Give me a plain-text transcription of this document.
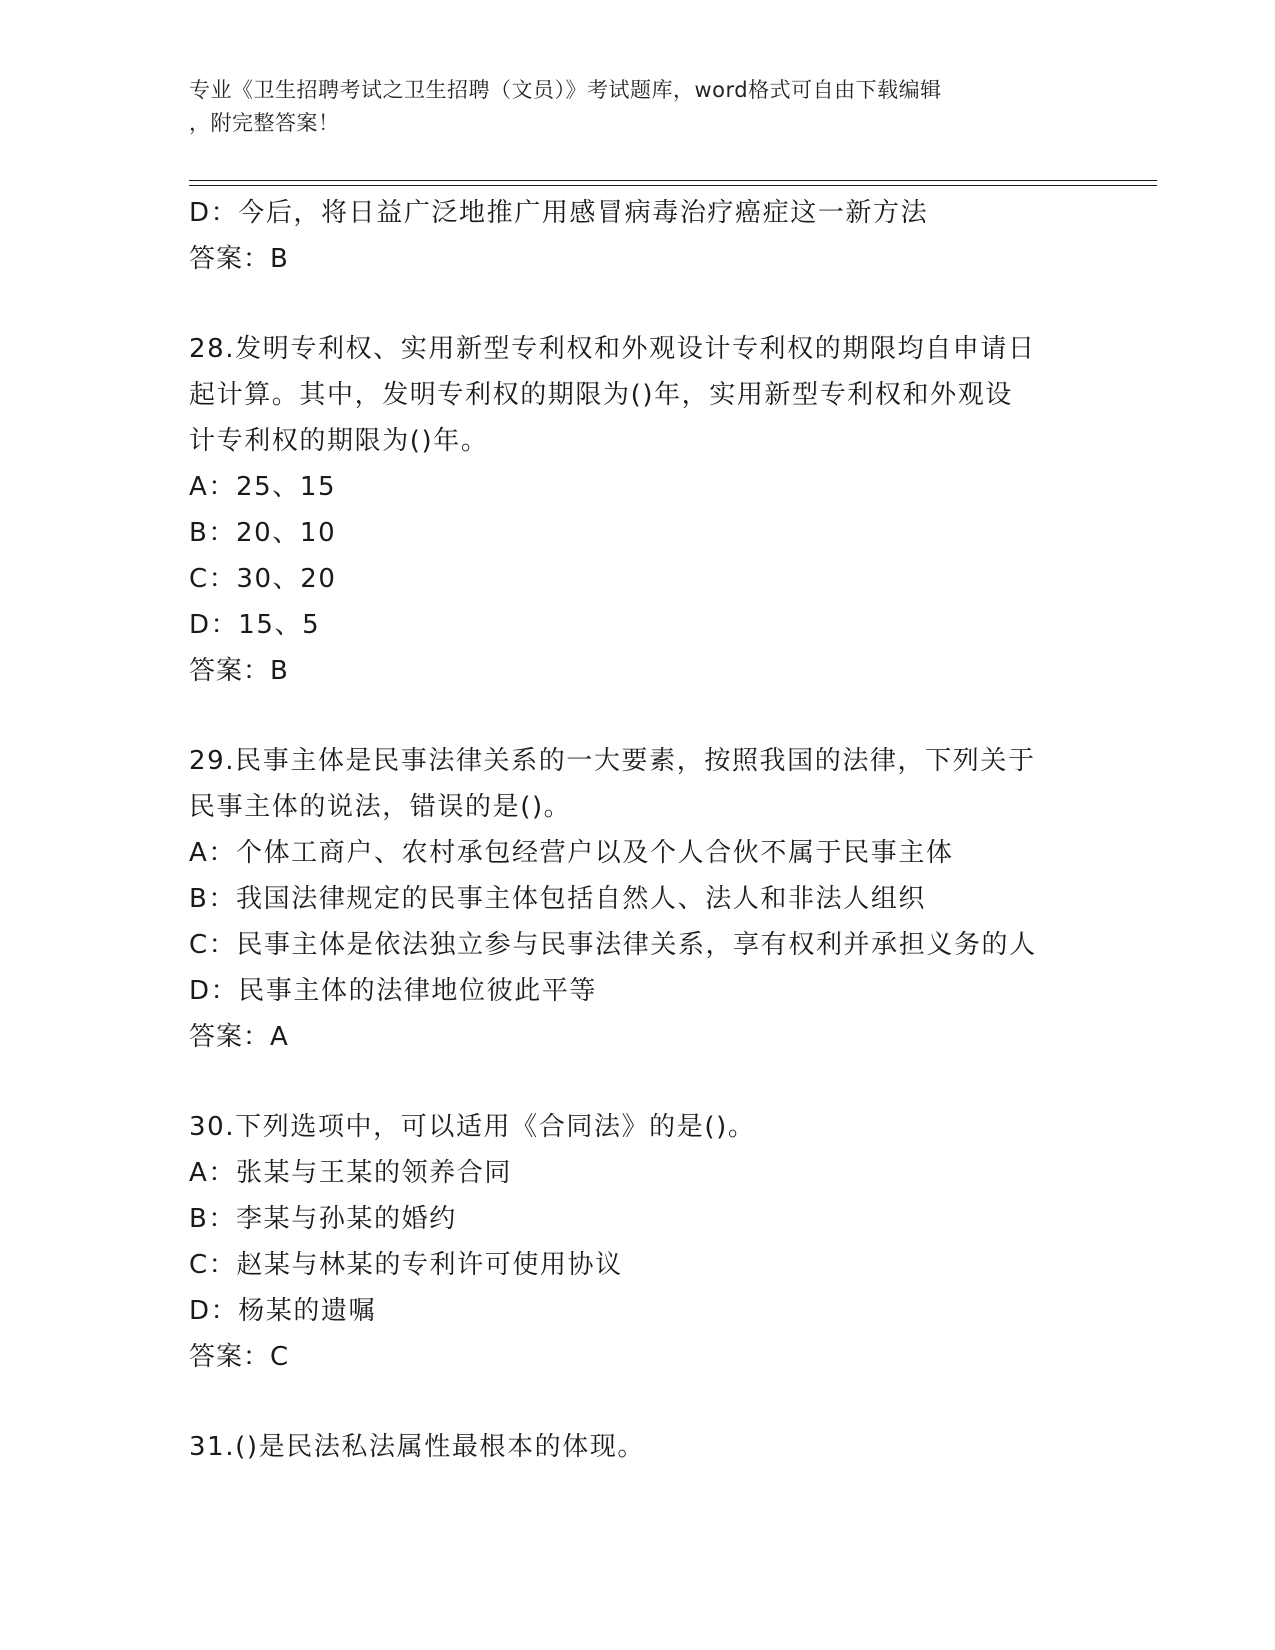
专业《卫生招聘考试之卫生招聘（文员）》考试题库，word格式可自由下载编辑
，附完整答案！
D：今后，将日益广泛地推广用感冒病毒治疗癌症这一新方法
答案：B
28.发明专利权、实用新型专利权和外观设计专利权的期限均自申请日
起计算。其中，发明专利权的期限为()年，实用新型专利权和外观设
计专利权的期限为()年。
A：25、15
B：20、10
C：30、20
D：15、5
答案：B
29.民事主体是民事法律关系的一大要素，按照我国的法律，下列关于
民事主体的说法，错误的是()。
A：个体工商户、农村承包经营户以及个人合伙不属于民事主体
B：我国法律规定的民事主体包括自然人、法人和非法人组织
C：民事主体是依法独立参与民事法律关系，享有权利并承担义务的人
D：民事主体的法律地位彼此平等
答案：A
30.下列选项中，可以适用《合同法》的是()。
A：张某与王某的领养合同
B：李某与孙某的婚约
C：赵某与林某的专利许可使用协议
D：杨某的遗嘱
答案：C
31.()是民法私法属性最根本的体现。
